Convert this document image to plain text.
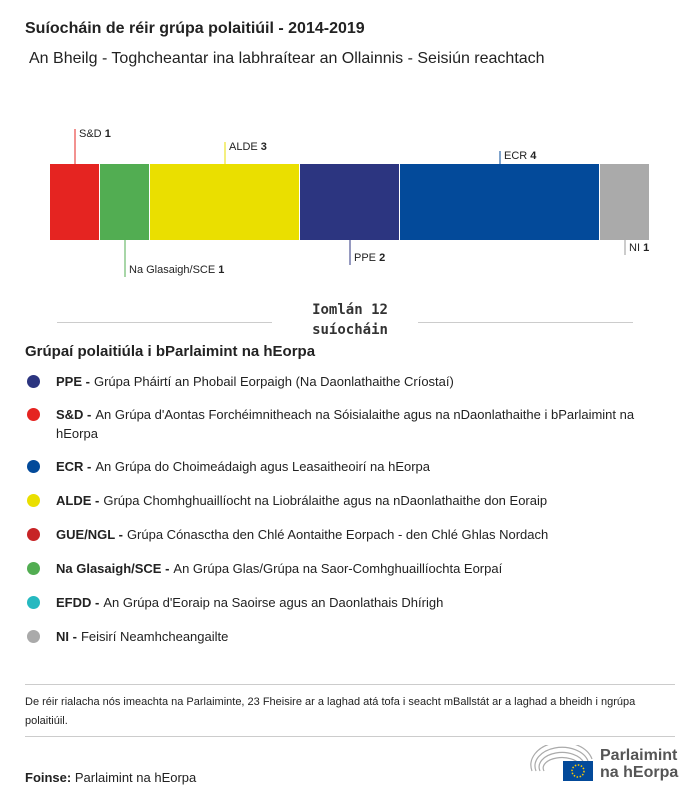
Suíocháin de réir grúpa polaitiúil - 2014-2019
An Bheilg - Toghcheantar ina labhraítear an Ollainnis - Seisiún reachtach
S&D 1
Na Glasaigh/SCE 1
ALDE 3
PPE 2
ECR 4
NI 1
Iomlán 12
suíocháin
Grúpaí polaitiúla i bParlaimint na hEorpa
PPE - Grúpa Pháirtí an Phobail Eorpaigh (Na Daonlathaithe Críostaí)
S&D - An Grúpa d'Aontas Forchéimnitheach na Sóisialaithe agus na nDaonlathaithe i bParlaimint na hEorpa
ECR - An Grúpa do Choimeádaigh agus Leasaitheoirí na hEorpa
ALDE - Grúpa Chomhghuaillíocht na Liobrálaithe agus na nDaonlathaithe don Eoraip
GUE/NGL - Grúpa Cónasctha den Chlé Aontaithe Eorpach - den Chlé Ghlas Nordach
Na Glasaigh/SCE - An Grúpa Glas/Grúpa na Saor-Comhghuaillíochta Eorpaí
EFDD - An Grúpa d'Eoraip na Saoirse agus an Daonlathais Dhírigh
NI - Feisirí Neamhcheangailte
De réir rialacha nós imeachta na Parlaiminte, 23 Fheisire ar a laghad atá tofa i seacht mBallstát ar a laghad a bheidh i ngrúpa polaitiúil.
Foinse: Parlaimint na hEorpa
Parlaimint
na hEorpa
